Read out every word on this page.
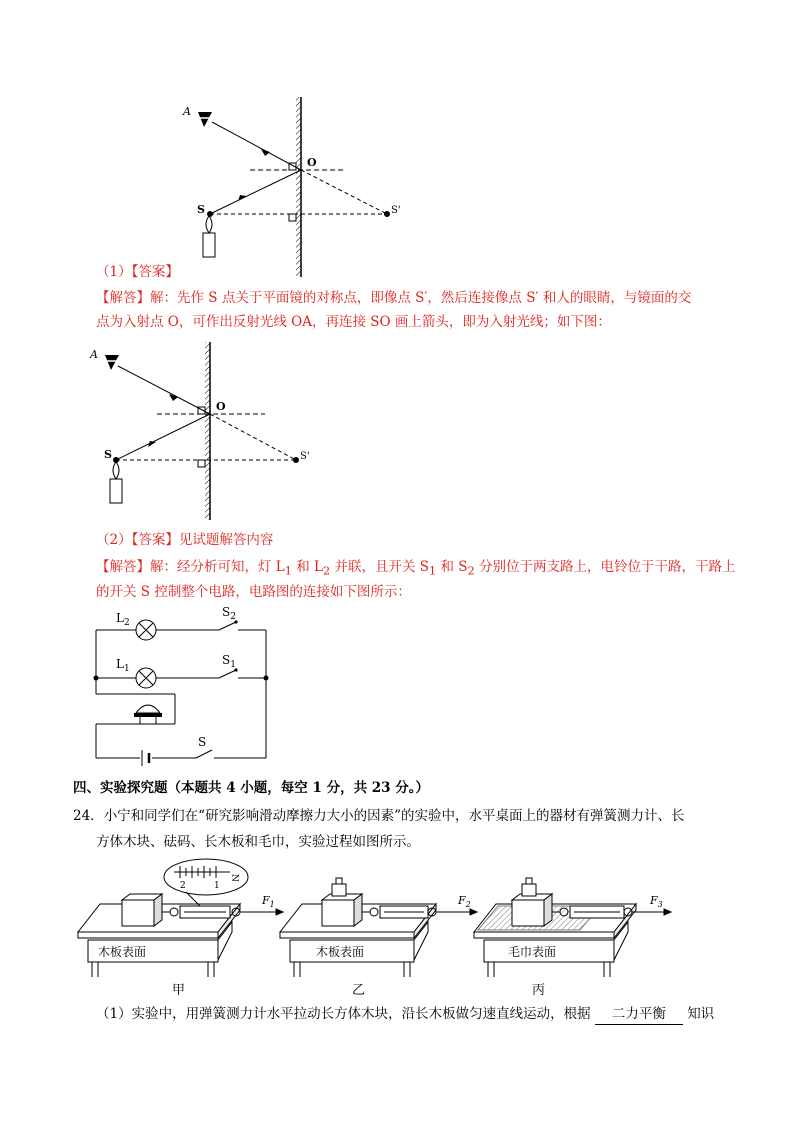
A
O
S	S'
（1）【答案】
【解答】解：先作 S 点关于平面镜的对称点，即像点 S′，然后连接像点 S′ 和人的眼睛，与镜面的交
点为入射点 O，可作出反射光线 OA，再连接 SO 画上箭头，即为入射光线；如下图：
A
O
S	S'
（2）【答案】见试题解答内容
【解答】解：经分析可知，灯 $L_1$ 和 $L_2$ 并联，且开关 $S_1$ 和 $S_2$ 分别位于两支路上，电铃位于干路，干路上
的开关 S 控制整个电路，电路图的连接如下图所示：
$L_2$
$S_2$
$L_1$
$S_1$
S
四、实验探究题（本题共 4 小题，每空 1 分，共 23 分。）
24．小宁和同学们在“研究影响滑动摩擦力大小的因素”的实验中，水平桌面上的器材有弹簧测力计、长
方体木块、砝码、长木板和毛巾，实验过程如图所示。
N
1
2
$F_1$	$F_2$	$F_3$
木板表面	木板表面	毛巾表面
甲	乙	丙
（1）实验中，用弹簧测力计水平拉动长方体木块，沿长木板做匀速直线运动，根据 二力平衡 知识
